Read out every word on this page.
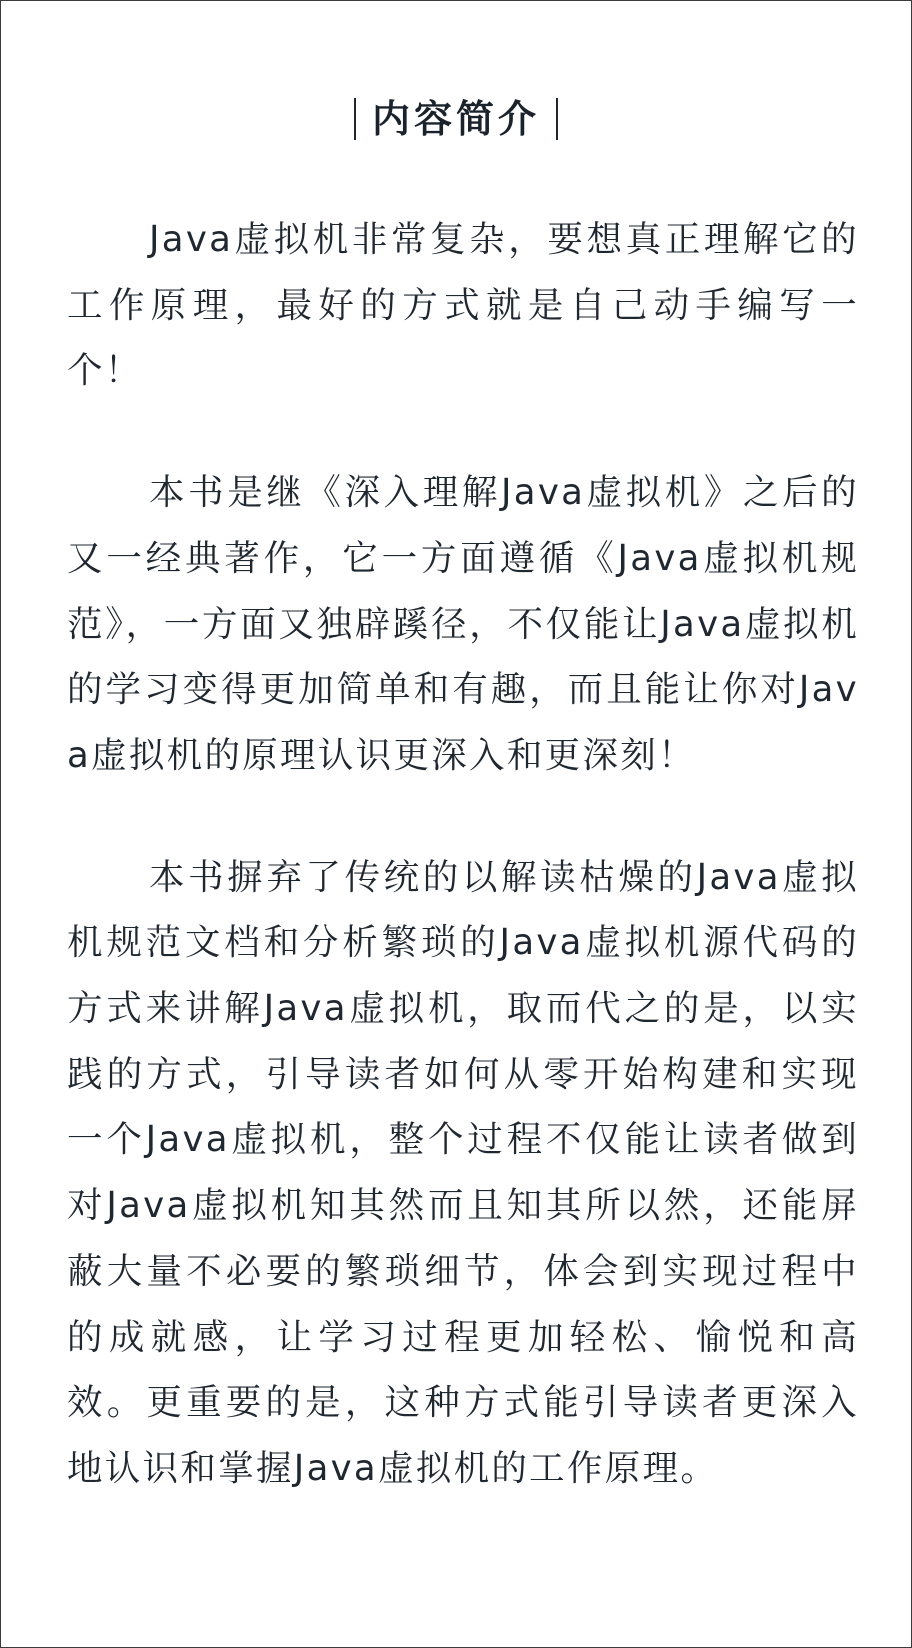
内容简介

Java虚拟机非常复杂，要想真正理解它的工作原理，最好的方式就是自己动手编写一个！

本书是继《深入理解Java虚拟机》之后的又一经典著作，它一方面遵循《Java虚拟机规范》，一方面又独辟蹊径，不仅能让Java虚拟机的学习变得更加简单和有趣，而且能让你对Java虚拟机的原理认识更深入和更深刻！

本书摒弃了传统的以解读枯燥的Java虚拟机规范文档和分析繁琐的Java虚拟机源代码的方式来讲解Java虚拟机，取而代之的是，以实践的方式，引导读者如何从零开始构建和实现一个Java虚拟机，整个过程不仅能让读者做到对Java虚拟机知其然而且知其所以然，还能屏蔽大量不必要的繁琐细节，体会到实现过程中的成就感，让学习过程更加轻松、愉悦和高效。更重要的是，这种方式能引导读者更深入地认识和掌握Java虚拟机的工作原理。
